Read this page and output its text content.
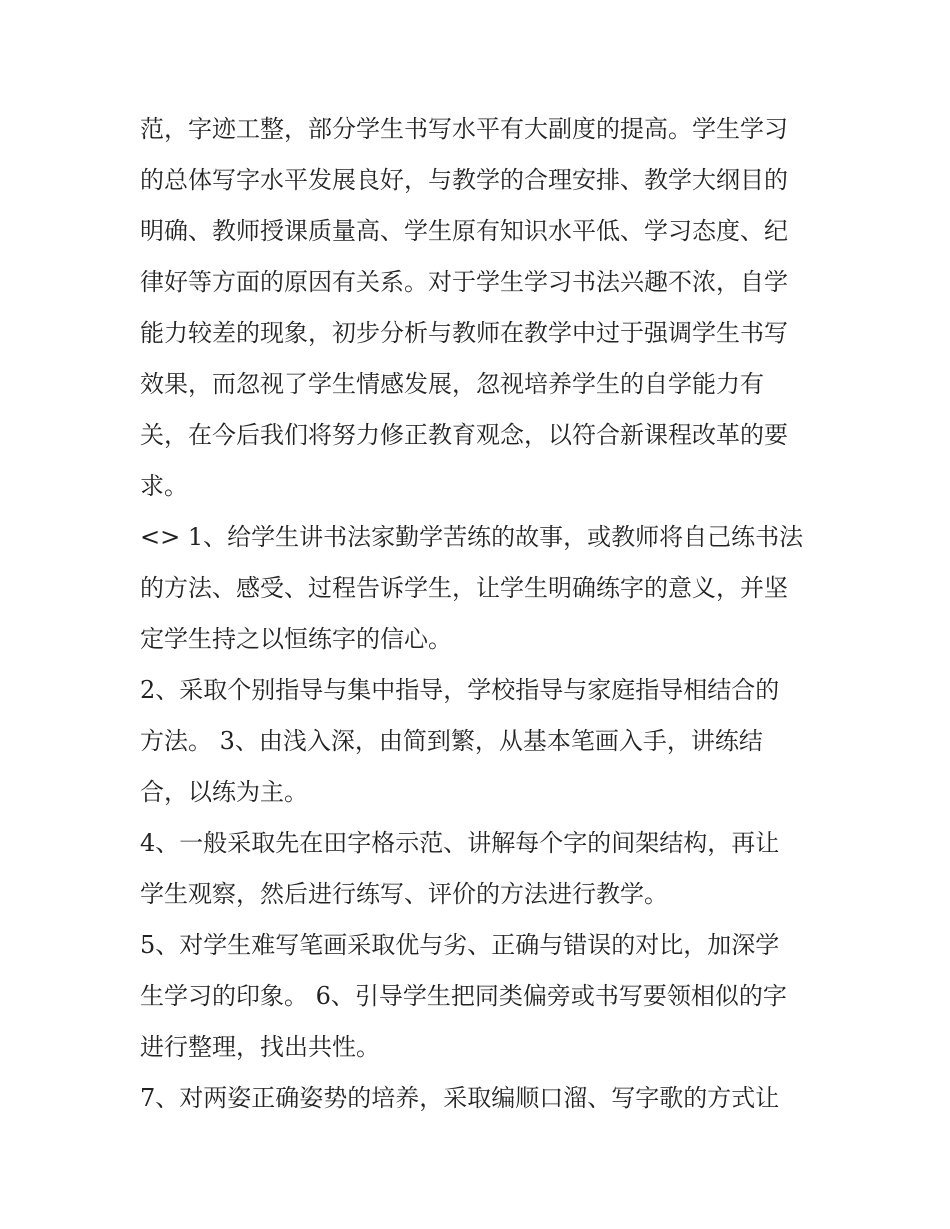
范，字迹工整，部分学生书写水平有大副度的提高。学生学习
的总体写字水平发展良好，与教学的合理安排、教学大纲目的
明确、教师授课质量高、学生原有知识水平低、学习态度、纪
律好等方面的原因有关系。对于学生学习书法兴趣不浓，自学
能力较差的现象，初步分析与教师在教学中过于强调学生书写
效果，而忽视了学生情感发展，忽视培养学生的自学能力有
关，在今后我们将努力修正教育观念，以符合新课程改革的要
求。
<> 1、给学生讲书法家勤学苦练的故事，或教师将自己练书法
的方法、感受、过程告诉学生，让学生明确练字的意义，并坚
定学生持之以恒练字的信心。
2、采取个别指导与集中指导，学校指导与家庭指导相结合的
方法。 3、由浅入深，由简到繁，从基本笔画入手，讲练结
合，以练为主。
4、一般采取先在田字格示范、讲解每个字的间架结构，再让
学生观察，然后进行练写、评价的方法进行教学。
5、对学生难写笔画采取优与劣、正确与错误的对比，加深学
生学习的印象。 6、引导学生把同类偏旁或书写要领相似的字
进行整理，找出共性。
7、对两姿正确姿势的培养，采取编顺口溜、写字歌的方式让
